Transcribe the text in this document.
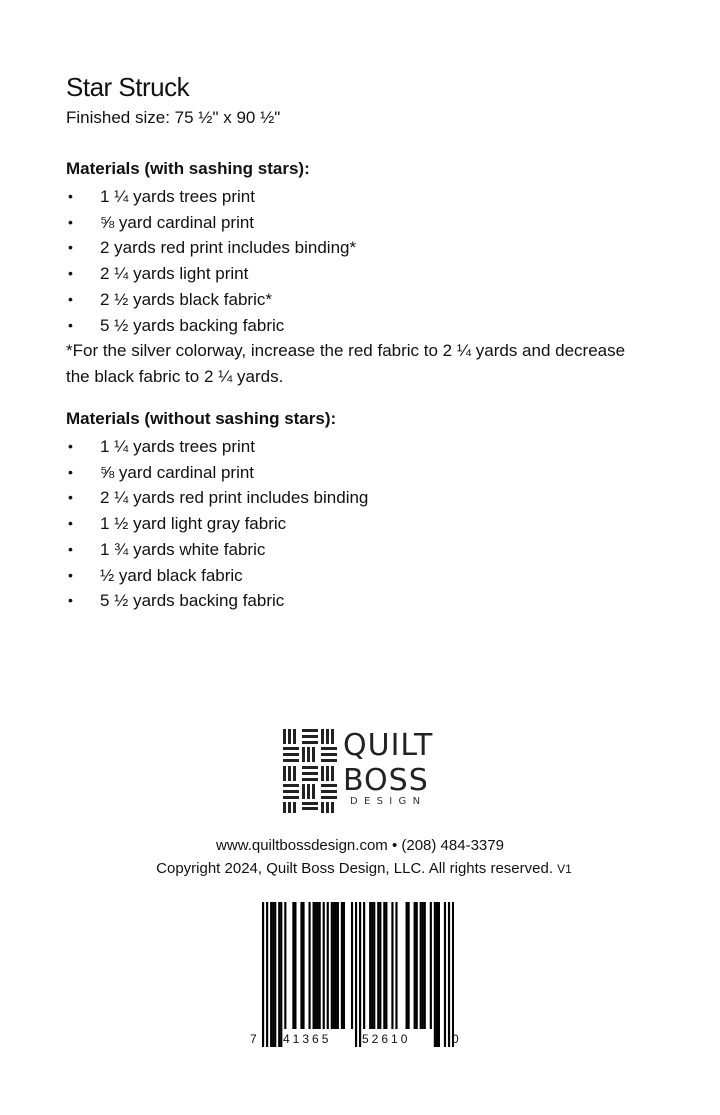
Star Struck

Finished size: 75 ½" x 90 ½"

Materials (with sashing stars):
•	1 ¼ yards trees print
•	⅝ yard cardinal print
•	2 yards red print includes binding*
•	2 ¼ yards light print
•	2 ½ yards black fabric*
•	5 ½ yards backing fabric

*For the silver colorway, increase the red fabric to 2 ¼ yards and decrease the black fabric to 2 ¼ yards.

Materials (without sashing stars):
•	1 ¼ yards trees print
•	⅝ yard cardinal print
•	2 ¼ yards red print includes binding
•	1 ½ yard light gray fabric
•	1 ¾ yards white fabric
•	½ yard black fabric
•	5 ½ yards backing fabric
QUILT
BOSS
DESIGN

www.quiltbossdesign.com • (208) 484-3379

Copyright 2024, Quilt Boss Design, LLC. All rights reserved. V1

7 41365	52610	0
